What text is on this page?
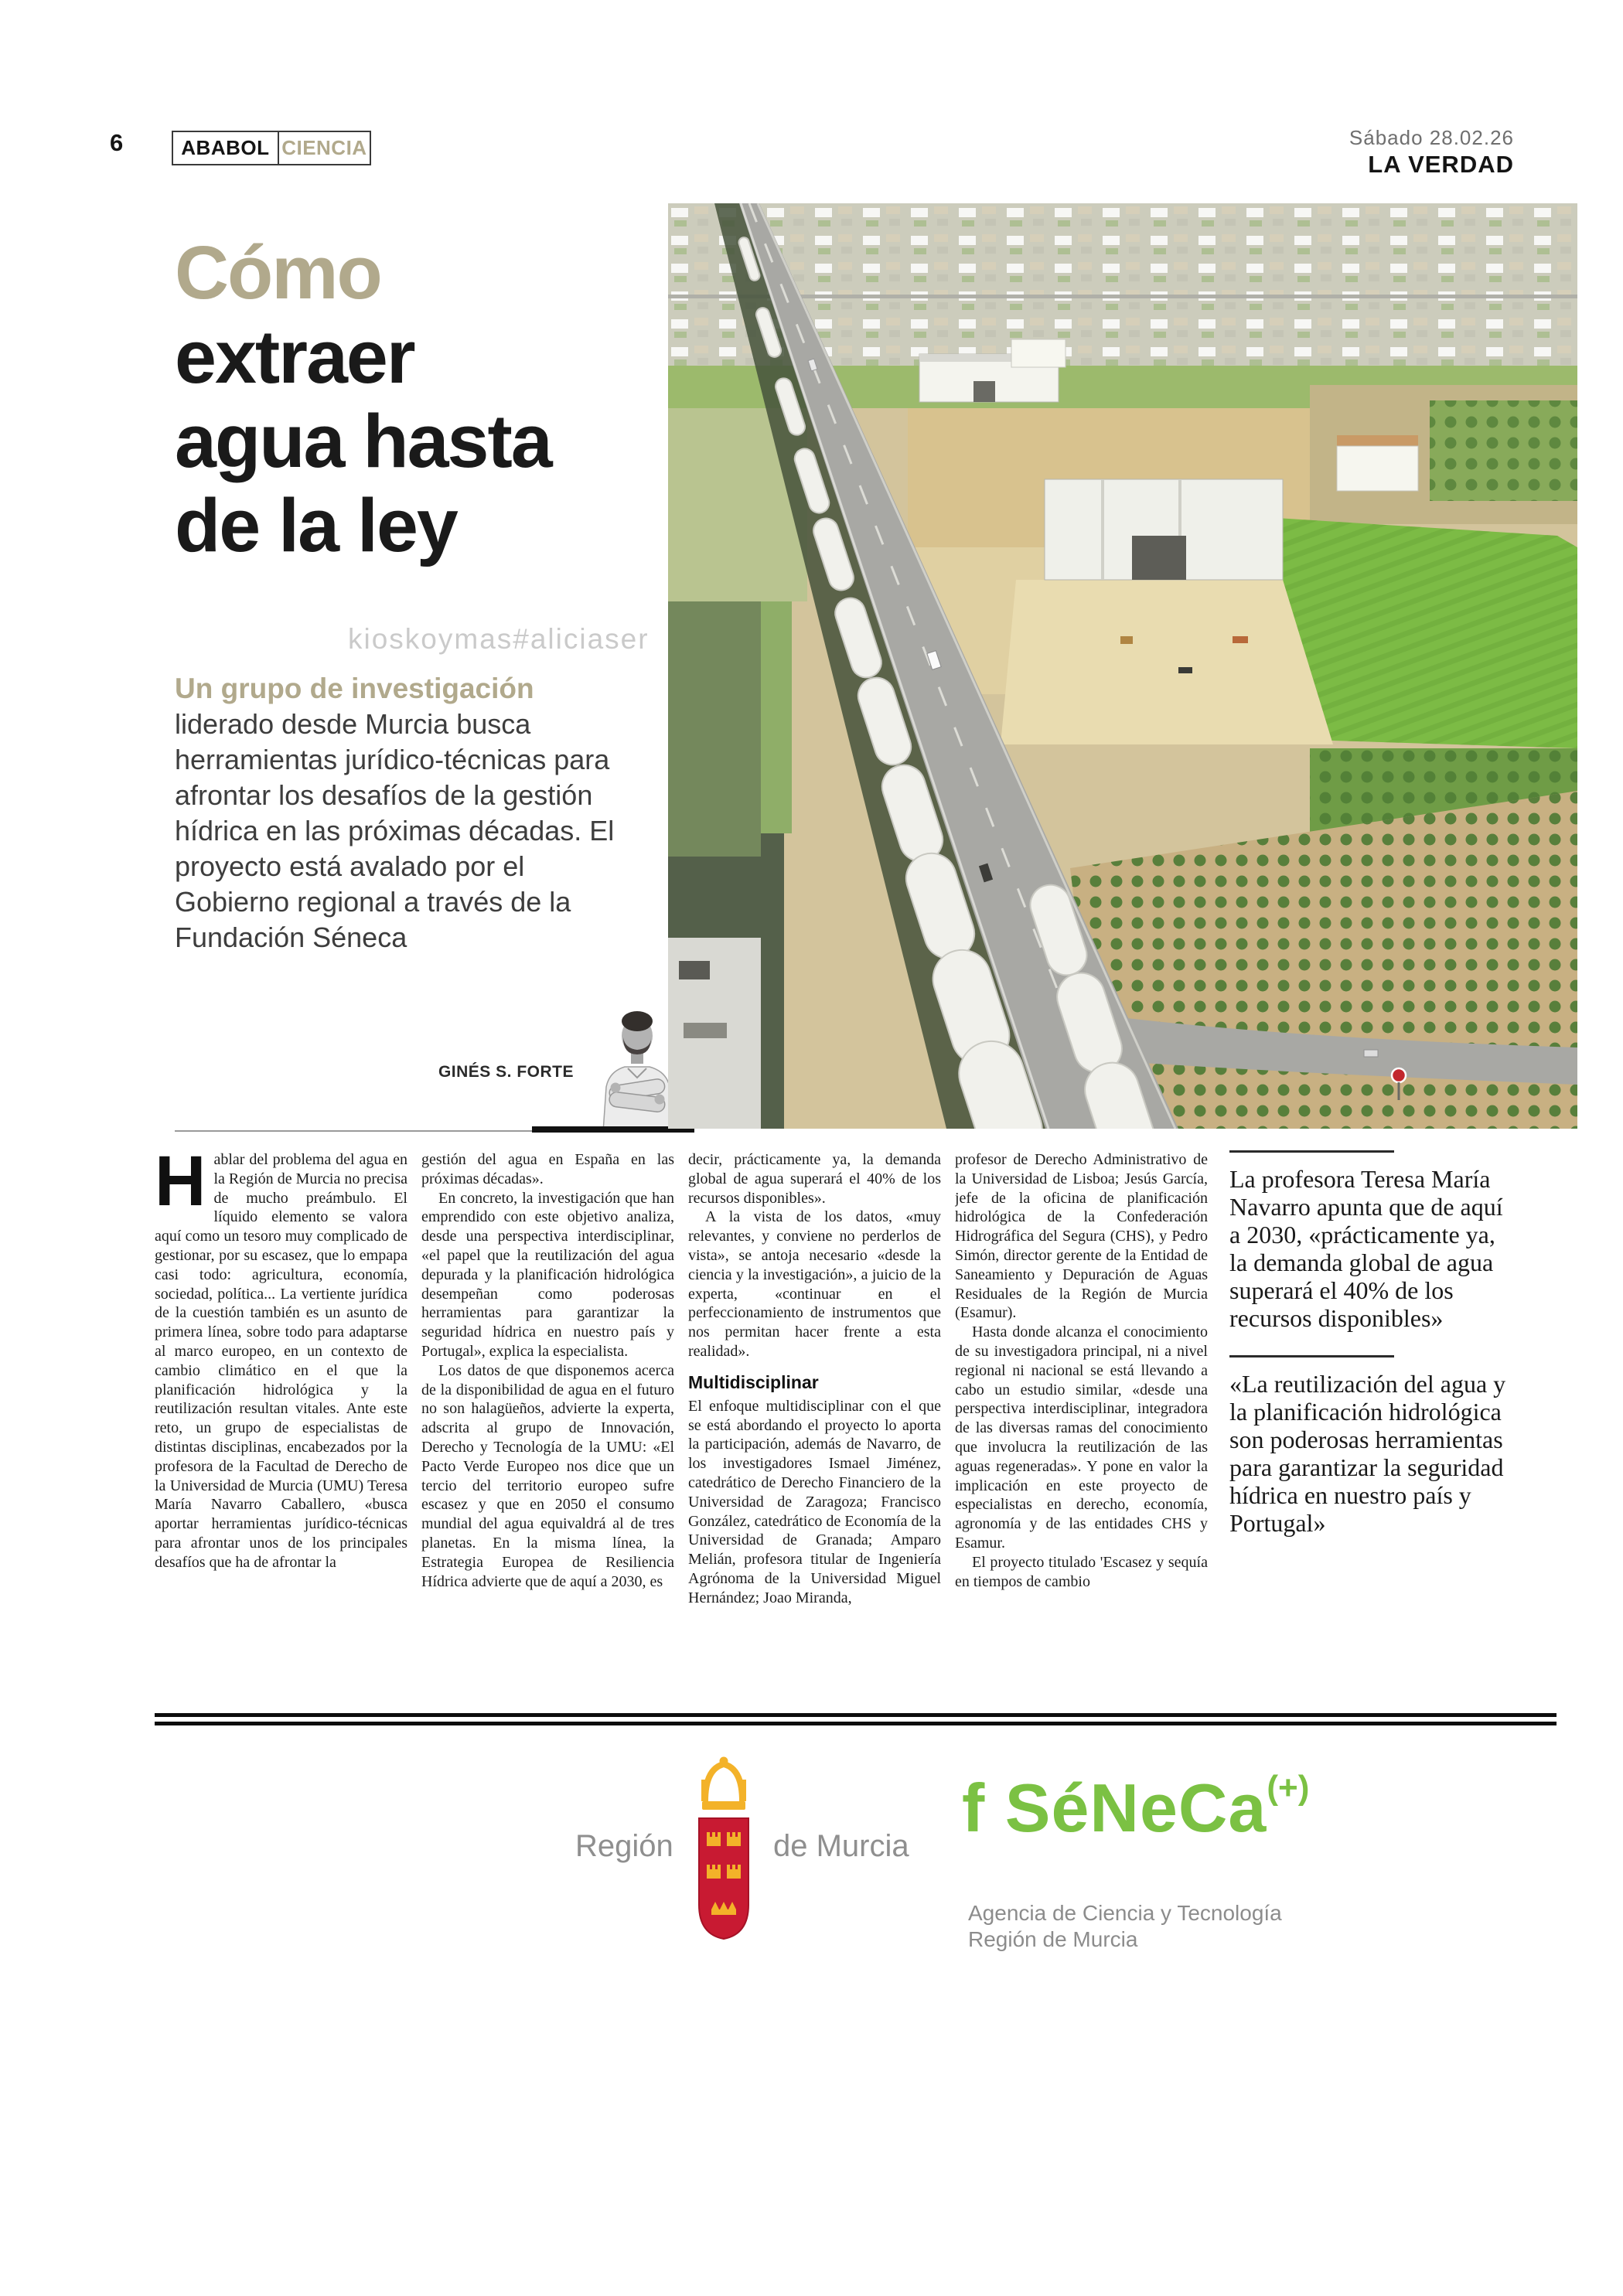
6	ABABOL CIENCIA	Sábado 28.02.26
LA VERDAD
Cómo
extraer
agua hasta
de la ley

Un grupo de investigación liderado desde Murcia busca herramientas jurídico-técnicas para afrontar los desafíos de la gestión hídrica en las próximas décadas. El proyecto está avalado por el Gobierno regional a través de la Fundación Séneca

kioskoymas#aliciaser
GINÉS S. FORTE
H ablar del problema del agua en la Región de Murcia no precisa de mucho preámbulo. El líquido elemento se valora aquí como un tesoro muy complicado de gestionar, por su escasez, que lo empapa casi todo: agricultura, economía, sociedad, política... La vertiente jurídica de la cuestión también es un asunto de primera línea, sobre todo para adaptarse al marco europeo, en un contexto de cambio climático en el que la planificación hidrológica y la reutilización resultan vitales. Ante este reto, un grupo de especialistas de distintas disciplinas, encabezados por la profesora de la Facultad de Derecho de la Universidad de Murcia (UMU) Teresa María Navarro Caballero, «busca aportar herramientas jurídico-técnicas para afrontar unos de los principales desafíos que ha de afrontar la

gestión del agua en España en las próximas décadas».

En concreto, la investigación que han emprendido con este objetivo analiza, desde una perspectiva interdisciplinar, «el papel que la reutilización del agua depurada y la planificación hidrológica desempeñan como poderosas herramientas para garantizar la seguridad hídrica en nuestro país y Portugal», explica la especialista.

Los datos de que disponemos acerca de la disponibilidad de agua en el futuro no son halagüeños, advierte la experta, adscrita al grupo de Innovación, Derecho y Tecnología de la UMU: «El Pacto Verde Europeo nos dice que un tercio del territorio europeo sufre escasez y que en 2050 el consumo mundial del agua equivaldrá al de tres planetas. En la misma línea, la Estrategia Europea de Resiliencia Hídrica advierte que de aquí a 2030, es

decir, prácticamente ya, la demanda global de agua superará el 40% de los recursos disponibles».

A la vista de los datos, «muy relevantes, y conviene no perderlos de vista», se antoja necesario «desde la ciencia y la investigación», a juicio de la experta, «continuar en el perfeccionamiento de instrumentos que nos permitan hacer frente a esta realidad».

Multidisciplinar

El enfoque multidisciplinar con el que se está abordando el proyecto lo aporta la participación, además de Navarro, de los investigadores Ismael Jiménez, catedrático de Derecho Financiero de la Universidad de Zaragoza; Francisco González, catedrático de Economía de la Universidad de Granada; Amparo Melián, profesora titular de Ingeniería Agrónoma de la Universidad Miguel Hernández; Joao Miranda,

profesor de Derecho Administrativo de la Universidad de Lisboa; Jesús García, jefe de la oficina de planificación hidrológica de la Confederación Hidrográfica del Segura (CHS), y Pedro Simón, director gerente de la Entidad de Saneamiento y Depuración de Aguas Residuales de la Región de Murcia (Esamur).

Hasta donde alcanza el conocimiento de su investigadora principal, ni a nivel regional ni nacional se está llevando a cabo un estudio similar, «desde una perspectiva interdisciplinar, integradora de las diversas ramas del conocimiento que involucra la reutilización de las aguas regeneradas». Y pone en valor la implicación en este proyecto de especialistas en derecho, economía, agronomía y de las entidades CHS y Esamur.

El proyecto titulado 'Escasez y sequía en tiempos de cambio

La profesora Teresa María Navarro apunta que de aquí a 2030, «prácticamente ya, la demanda global de agua superará el 40% de los recursos disponibles»

«La reutilización del agua y la planificación hidrológica son poderosas herramientas para garantizar la seguridad hídrica en nuestro país y Portugal»

Región	de Murcia f SéNeCa(+)
Agencia de Ciencia y Tecnología
Región de Murcia
